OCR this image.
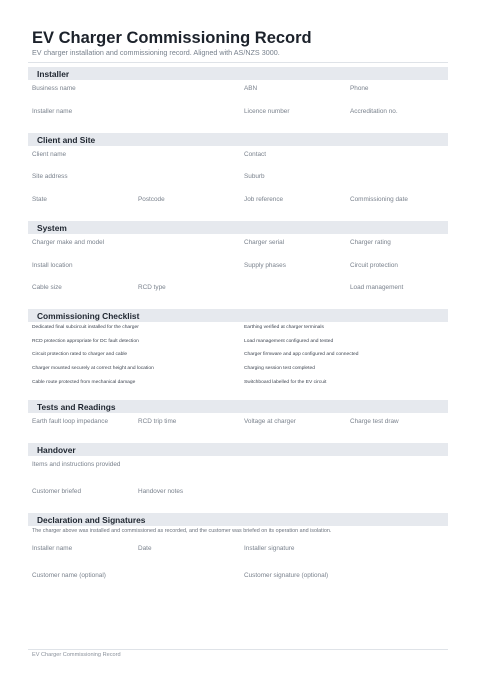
EV Charger Commissioning Record
EV charger installation and commissioning record. Aligned with AS/NZS 3000.
Installer
Business name	ABN	Phone
Installer name	Licence number	Accreditation no.
Client and Site
Client name	Contact
Site address	Suburb
State	Postcode	Job reference	Commissioning date
System
Charger make and model	Charger serial	Charger rating
Install location	Supply phases	Circuit protection
Cable size	RCD type	Load management
Commissioning Checklist
Dedicated final subcircuit installed for the charger	Earthing verified at charger terminals
RCD protection appropriate for DC fault detection	Load management configured and tested
Circuit protection rated to charger and cable	Charger firmware and app configured and connected
Charger mounted securely at correct height and location	Charging session test completed
Cable route protected from mechanical damage	Switchboard labelled for the EV circuit
Tests and Readings
Earth fault loop impedance	RCD trip time	Voltage at charger	Charge test draw
Handover
Items and instructions provided
Customer briefed	Handover notes
Declaration and Signatures
The charger above was installed and commissioned as recorded, and the customer was briefed on its operation and isolation.
Installer name	Date	Installer signature
Customer name (optional)	Customer signature (optional)
EV Charger Commissioning Record
